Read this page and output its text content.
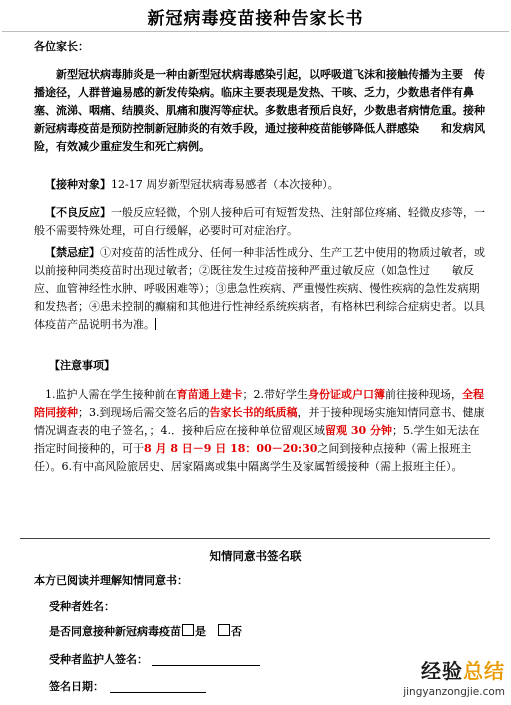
新冠病毒疫苗接种告家长书
各位家长：
新型冠状病毒肺炎是一种由新型冠状病毒感染引起，以呼吸道飞沫和接触传播为主要　传播途径，人群普遍易感的新发传染病。临床主要表现是发热、干咳、乏力，少数患者伴有鼻塞、流涕、咽痛、结膜炎、肌痛和腹泻等症状。多数患者预后良好，少数患者病情危重。接种新冠病毒疫苗是预防控制新冠肺炎的有效手段，通过接种疫苗能够降低人群感染　　和发病风险，有效减少重症发生和死亡病例。
【接种对象】12-17 周岁新型冠状病毒易感者（本次接种）。
【不良反应】一般反应轻微，个别人接种后可有短暂发热、注射部位疼痛、轻微皮疹等，一般不需要特殊处理，可自行缓解，必要时可对症治疗。
【禁忌症】①对疫苗的活性成分、任何一种非活性成分、生产工艺中使用的物质过敏者，或以前接种同类疫苗时出现过敏者；②既往发生过疫苗接种严重过敏反应（如急性过　　敏反应、血管神经性水肿、呼吸困难等）；③患急性疾病、严重慢性疾病、慢性疾病的急性发病期和发热者；④患未控制的癫痫和其他进行性神经系统疾病者，有格林巴利综合症病史者。以具体疫苗产品说明书为准。
【注意事项】
1.监护人需在学生接种前在育苗通上建卡；2.带好学生身份证或户口簿前往接种现场，全程陪同接种；3.到现场后需交签名后的告家长书的纸质稿，并于接种现场实施知情同意书、健康情况调查表的电子签名，；4.．接种后应在接种单位留观区域留观 30 分钟；5.学生如无法在指定时间接种的，可于8 月 8 日－9 日 18：00－20:30之间到接种点接种（需上报班主任）。6.有中高风险旅居史、居家隔离或集中隔离学生及家属暂缓接种（需上报班主任）。
知情同意书签名联
本方已阅读并理解知情同意书：
受种者姓名：
是否同意接种新冠病毒疫苗 是　 否
受种者监护人签名：
签名日期：
经验总结
jingyanzongjie.com
